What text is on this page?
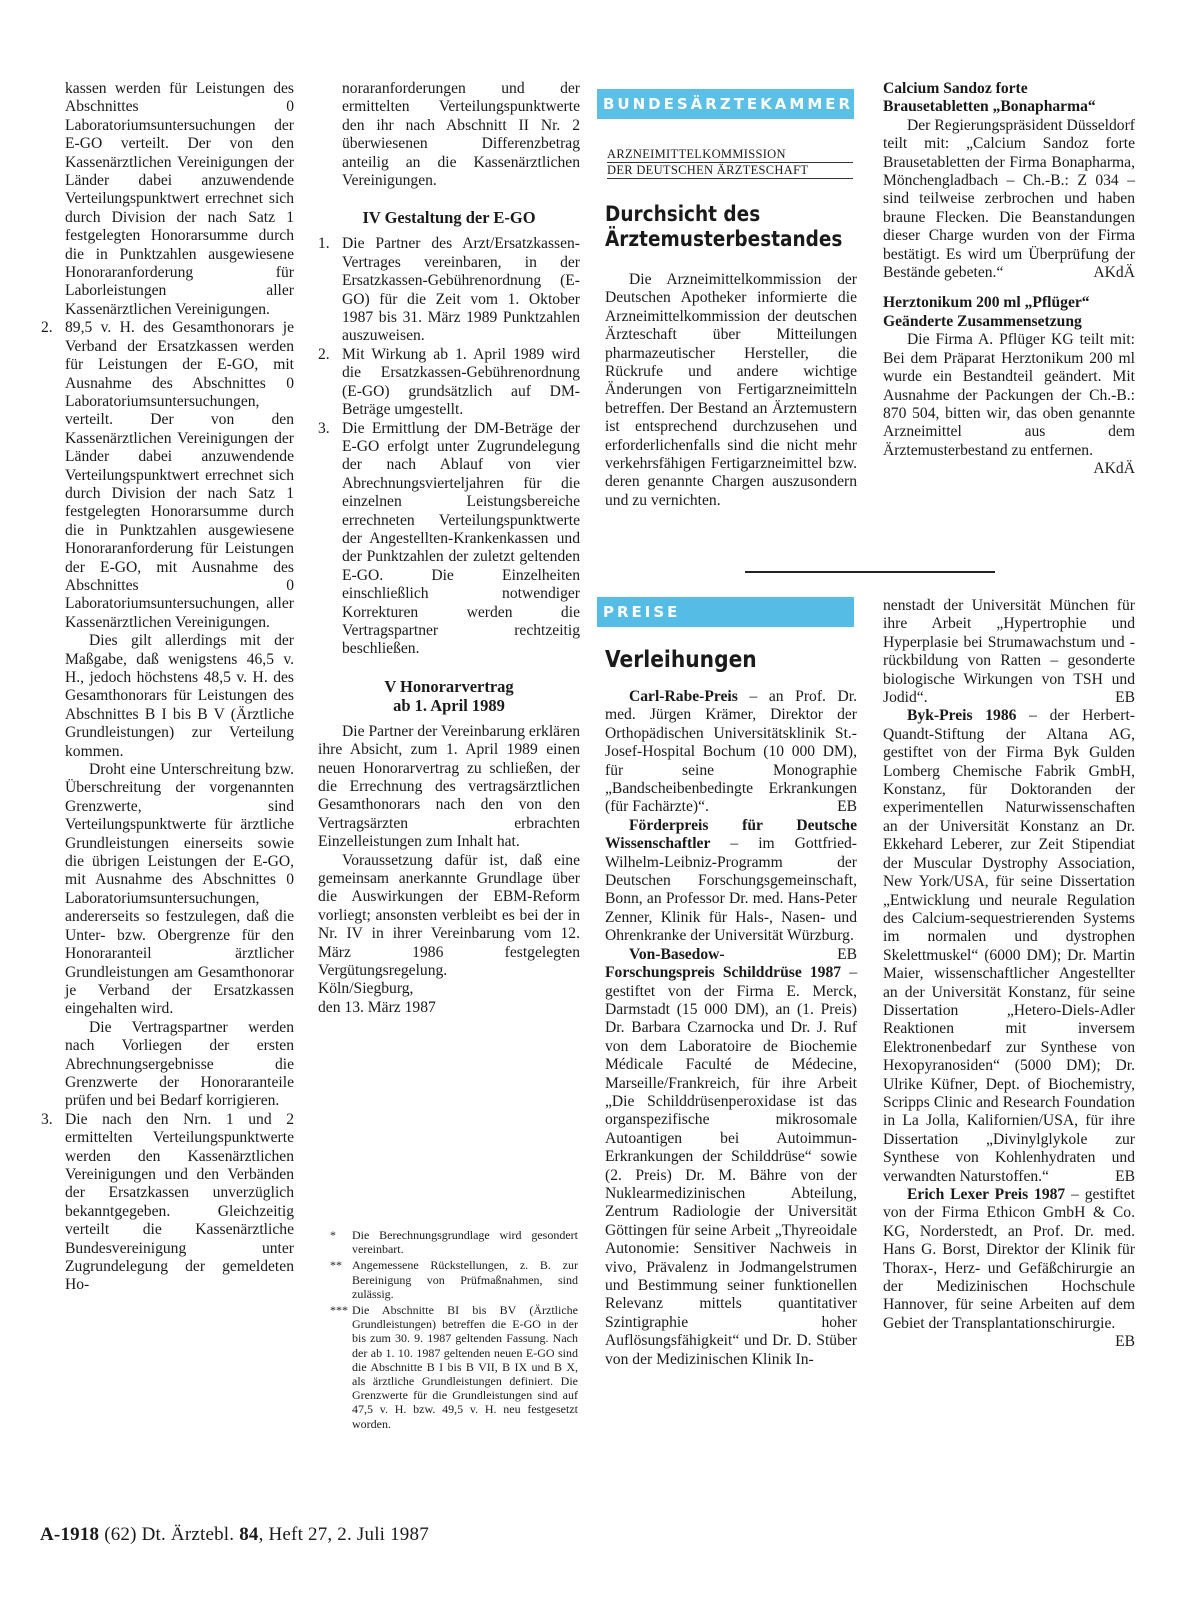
kassen werden für Leistungen des Abschnittes 0 Laboratoriumsuntersuchungen der E-GO verteilt. Der von den Kassenärztlichen Vereinigungen der Länder dabei anzuwendende Verteilungspunktwert errechnet sich durch Division der nach Satz 1 festgelegten Honorarsumme durch die in Punktzahlen ausgewiesene Honoraranforderung für Laborleistungen aller Kassenärztlichen Vereinigungen.

2. 89,5 v. H. des Gesamthonorars je Verband der Ersatzkassen werden für Leistungen der E-GO, mit Ausnahme des Abschnittes 0 Laboratoriumsuntersuchungen, verteilt. Der von den Kassenärztlichen Vereinigungen der Länder dabei anzuwendende Verteilungspunktwert errechnet sich durch Division der nach Satz 1 festgelegten Honorarsumme durch die in Punktzahlen ausgewiesene Honoraranforderung für Leistungen der E-GO, mit Ausnahme des Abschnittes 0 Laboratoriumsuntersuchungen, aller Kassenärztlichen Vereinigungen.

Dies gilt allerdings mit der Maßgabe, daß wenigstens 46,5 v. H., jedoch höchstens 48,5 v. H. des Gesamthonorars für Leistungen des Abschnittes B I bis B V (Ärztliche Grundleistungen) zur Verteilung kommen.

Droht eine Unterschreitung bzw. Überschreitung der vorgenannten Grenzwerte, sind Verteilungspunktwerte für ärztliche Grundleistungen einerseits sowie die übrigen Leistungen der E-GO, mit Ausnahme des Abschnittes 0 Laboratoriumsuntersuchungen, andererseits so festzulegen, daß die Unter- bzw. Obergrenze für den Honoraranteil ärztlicher Grundleistungen am Gesamthonorar je Verband der Ersatzkassen eingehalten wird.

Die Vertragspartner werden nach Vorliegen der ersten Abrechnungsergebnisse die Grenzwerte der Honoraranteile prüfen und bei Bedarf korrigieren.

3. Die nach den Nrn. 1 und 2 ermittelten Verteilungspunktwerte werden den Kassenärztlichen Vereinigungen und den Verbänden der Ersatzkassen unverzüglich bekanntgegeben. Gleichzeitig verteilt die Kassenärztliche Bundesvereinigung unter Zugrundelegung der gemeldeten Ho-

noraranforderungen und der ermittelten Verteilungspunktwerte den ihr nach Abschnitt II Nr. 2 überwiesenen Differenzbetrag anteilig an die Kassenärztlichen Vereinigungen.

IV Gestaltung der E-GO
1. Die Partner des Arzt/Ersatzkassen-Vertrages vereinbaren, in der Ersatzkassen-Gebührenordnung (E-GO) für die Zeit vom 1. Oktober 1987 bis 31. März 1989 Punktzahlen auszuweisen.

2. Mit Wirkung ab 1. April 1989 wird die Ersatzkassen-Gebührenordnung (E-GO) grundsätzlich auf DM-Beträge umgestellt.

3. Die Ermittlung der DM-Beträge der E-GO erfolgt unter Zugrundelegung der nach Ablauf von vier Abrechnungsvierteljahren für die einzelnen Leistungsbereiche errechneten Verteilungspunktwerte der Angestellten-Krankenkassen und der Punktzahlen der zuletzt geltenden E-GO. Die Einzelheiten einschließlich notwendiger Korrekturen werden die Vertragspartner rechtzeitig beschließen.

V Honorarvertrag
ab 1. April 1989

Die Partner der Vereinbarung erklären ihre Absicht, zum 1. April 1989 einen neuen Honorarvertrag zu schließen, der die Errechnung des vertragsärztlichen Gesamthonorars nach den von den Vertragsärzten erbrachten Einzelleistungen zum Inhalt hat.

Voraussetzung dafür ist, daß eine gemeinsam anerkannte Grundlage über die Auswirkungen der EBM-Reform vorliegt; ansonsten verbleibt es bei der in Nr. IV in ihrer Vereinbarung vom 12. März 1986 festgelegten Vergütungsregelung.

Köln/Siegburg,

den 13. März 1987

* Die Berechnungsgrundlage wird gesondert vereinbart.
** Angemessene Rückstellungen, z. B. zur Bereinigung von Prüfmaßnahmen, sind zulässig.
*** Die Abschnitte BI bis BV (Ärztliche Grundleistungen) betreffen die E-GO in der bis zum 30. 9. 1987 geltenden Fassung. Nach der ab 1. 10. 1987 geltenden neuen E-GO sind die Abschnitte B I bis B VII, B IX und B X, als ärztliche Grundleistungen definiert. Die Grenzwerte für die Grundleistungen sind auf 47,5 v. H. bzw. 49,5 v. H. neu festgesetzt worden.
BUNDESÄRZTEKAMMER
ARZNEIMITTELKOMMISSION
DER DEUTSCHEN ÄRZTESCHAFT
Durchsicht des
Ärztemusterbestandes

Die Arzneimittelkommission der Deutschen Apotheker informierte die Arzneimittelkommission der deutschen Ärzteschaft über Mitteilungen pharmazeutischer Hersteller, die Rückrufe und andere wichtige Änderungen von Fertigarzneimitteln betreffen. Der Bestand an Ärztemustern ist entsprechend durchzusehen und erforderlichenfalls sind die nicht mehr verkehrsfähigen Fertigarzneimittel bzw. deren genannte Chargen auszusondern und zu vernichten.

Calcium Sandoz forte

Brausetabletten „Bonapharma“

Der Regierungspräsident Düsseldorf teilt mit: „Calcium Sandoz forte Brausetabletten der Firma Bonapharma, Mönchengladbach – Ch.-B.: Z 034 – sind teilweise zerbrochen und haben braune Flecken. Die Beanstandungen dieser Charge wurden von der Firma bestätigt. Es wird um Überprüfung der Bestände gebeten.“	AKdÄ

Herztonikum 200 ml „Pflüger“

Geänderte Zusammensetzung

Die Firma A. Pflüger KG teilt mit: Bei dem Präparat Herztonikum 200 ml wurde ein Bestandteil geändert. Mit Ausnahme der Packungen der Ch.-B.: 870 504, bitten wir, das oben genannte Arzneimittel aus dem Ärztemusterbestand zu entfernen.
AKdÄ

PREISE
Verleihungen

Carl-Rabe-Preis – an Prof. Dr. med. Jürgen Krämer, Direktor der Orthopädischen Universitätsklinik St.-Josef-Hospital Bochum (10 000 DM), für seine Monographie „Bandscheibenbedingte Erkrankungen (für Fachärzte)“.	EB

Förderpreis für Deutsche Wissenschaftler – im Gottfried-Wilhelm-Leibniz-Programm der Deutschen Forschungsgemeinschaft, Bonn, an Professor Dr. med. Hans-Peter Zenner, Klinik für Hals-, Nasen- und Ohrenkranke der Universität Würzburg.
EB

Von-Basedow-Forschungspreis Schilddrüse 1987 – gestiftet von der Firma E. Merck, Darmstadt (15 000 DM), an (1. Preis) Dr. Barbara Czarnocka und Dr. J. Ruf von dem Laboratoire de Biochemie Médicale Faculté de Médecine, Marseille/Frankreich, für ihre Arbeit „Die Schilddrüsenperoxidase ist das organspezifische mikrosomale Autoantigen bei Autoimmun-Erkrankungen der Schilddrüse“ sowie (2. Preis) Dr. M. Bähre von der Nuklearmedizinischen Abteilung, Zentrum Radiologie der Universität Göttingen für seine Arbeit „Thyreoidale Autonomie: Sensitiver Nachweis in vivo, Prävalenz in Jodmangelstrumen und Bestimmung seiner funktionellen Relevanz mittels quantitativer Szintigraphie hoher Auflösungsfähigkeit“ und Dr. D. Stüber von der Medizinischen Klinik In-

nenstadt der Universität München für ihre Arbeit „Hypertrophie und Hyperplasie bei Strumawachstum und -rückbildung von Ratten – gesonderte biologische Wirkungen von TSH und Jodid“.	EB

Byk-Preis 1986 – der Herbert-Quandt-Stiftung der Altana AG, gestiftet von der Firma Byk Gulden Lomberg Chemische Fabrik GmbH, Konstanz, für Doktoranden der experimentellen Naturwissenschaften an der Universität Konstanz an Dr. Ekkehard Leberer, zur Zeit Stipendiat der Muscular Dystrophy Association, New York/USA, für seine Dissertation „Entwicklung und neurale Regulation des Calcium-sequestrierenden Systems im normalen und dystrophen Skelettmuskel“ (6000 DM); Dr. Martin Maier, wissenschaftlicher Angestellter an der Universität Konstanz, für seine Dissertation „Hetero-Diels-Adler Reaktionen mit inversem Elektronenbedarf zur Synthese von Hexopyranosiden“ (5000 DM); Dr. Ulrike Küfner, Dept. of Biochemistry, Scripps Clinic and Research Foundation in La Jolla, Kalifornien/USA, für ihre Dissertation „Divinylglykole zur Synthese von Kohlenhydraten und verwandten Naturstoffen.“	EB

Erich Lexer Preis 1987 – gestiftet von der Firma Ethicon GmbH & Co. KG, Norderstedt, an Prof. Dr. med. Hans G. Borst, Direktor der Klinik für Thorax-, Herz- und Gefäßchirurgie an der Medizinischen Hochschule Hannover, für seine Arbeiten auf dem Gebiet der Transplantationschirurgie.
EB

A-1918 (62) Dt. Ärztebl. 84, Heft 27, 2. Juli 1987
